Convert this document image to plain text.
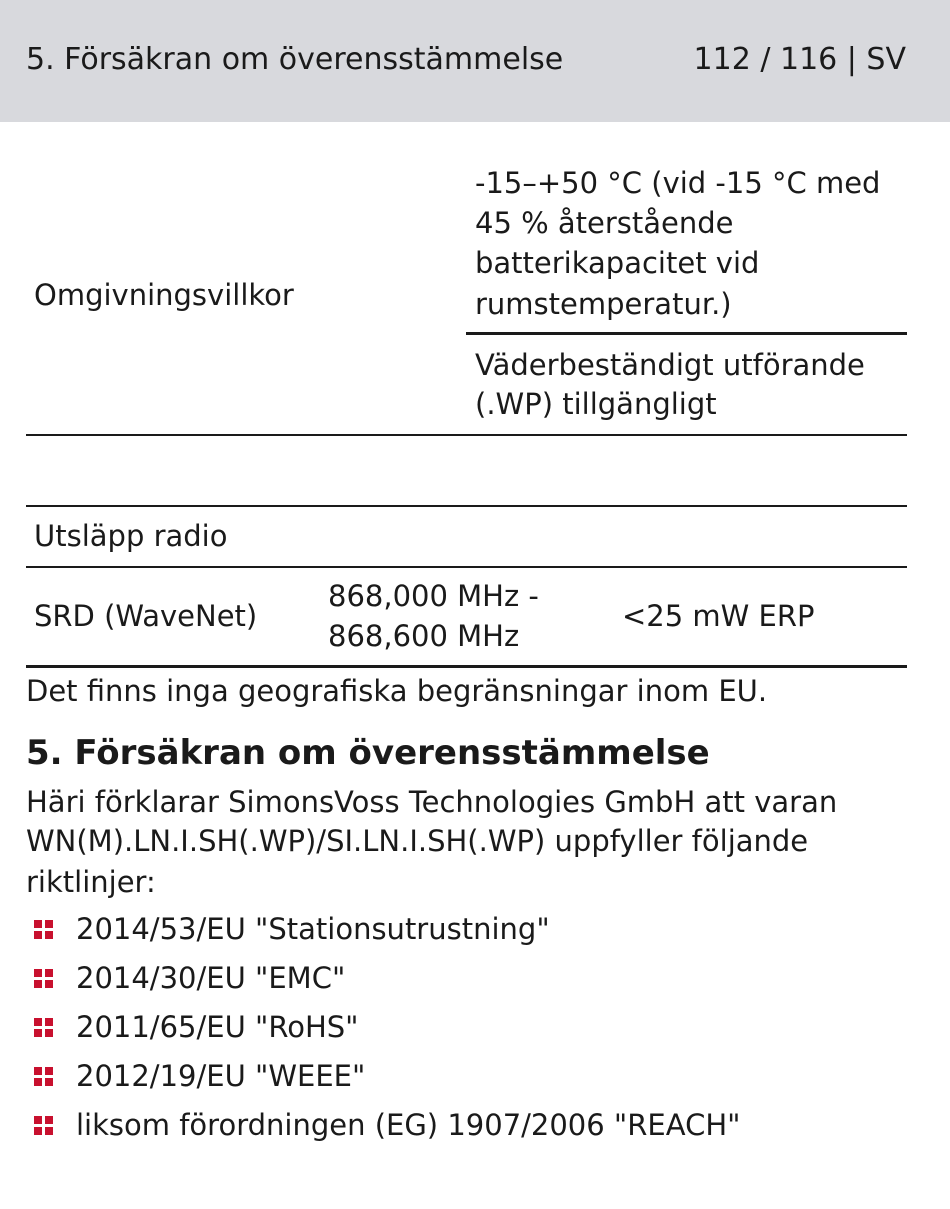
5. Försäkran om överensstämmelse	112 / 116 | SV
Omgivningsvillkor
-15–+50 °C (vid -15 °C med
45 % återstående
batterikapacitet vid
rumstemperatur.)
Väderbeständigt utförande
(.WP) tillgängligt
Utsläpp radio
SRD (WaveNet)
868,000 MHz -
868,600 MHz
<25 mW ERP
Det finns inga geografiska begränsningar inom EU.
5. Försäkran om överensstämmelse
Häri förklarar SimonsVoss Technologies GmbH att varan
WN(M).LN.I.SH(.WP)/SI.LN.I.SH(.WP) uppfyller följande
riktlinjer:
2014/53/EU "Stationsutrustning"
2014/30/EU "EMC"
2011/65/EU "RoHS"
2012/19/EU "WEEE"
liksom förordningen (EG) 1907/2006 "REACH"
